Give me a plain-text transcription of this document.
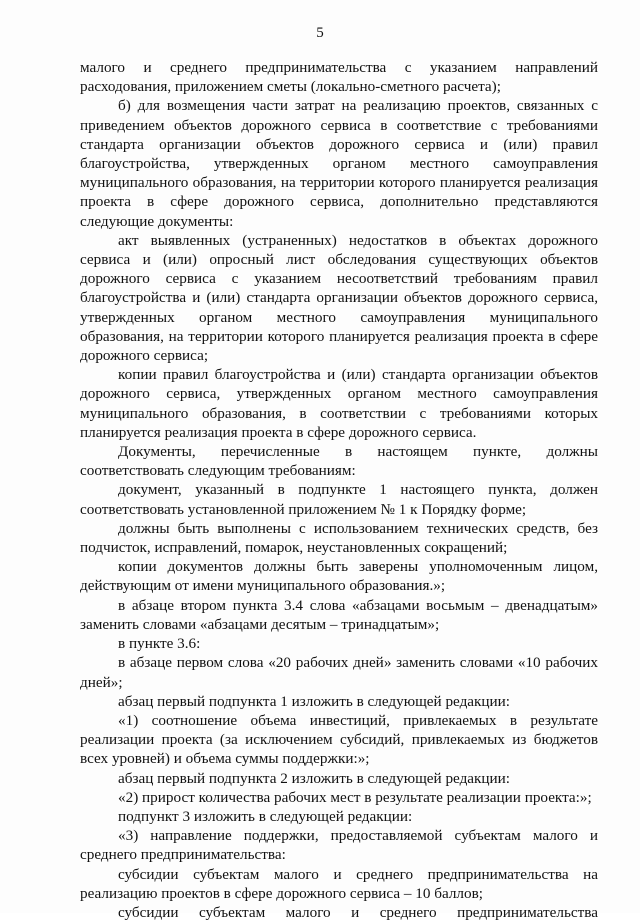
5

малого и среднего предпринимательства с указанием направлений расходования, приложением сметы (локально-сметного расчета);

б) для возмещения части затрат на реализацию проектов, связанных с приведением объектов дорожного сервиса в соответствие с требованиями стандарта организации объектов дорожного сервиса и (или) правил благоустройства, утвержденных органом местного самоуправления муниципального образования, на территории которого планируется реализация проекта в сфере дорожного сервиса, дополнительно представляются следующие документы:

акт выявленных (устраненных) недостатков в объектах дорожного сервиса и (или) опросный лист обследования существующих объектов дорожного сервиса с указанием несоответствий требованиям правил благоустройства и (или) стандарта организации объектов дорожного сервиса, утвержденных органом местного самоуправления муниципального образования, на территории которого планируется реализация проекта в сфере дорожного сервиса;

копии правил благоустройства и (или) стандарта организации объектов дорожного сервиса, утвержденных органом местного самоуправления муниципального образования, в соответствии с требованиями которых планируется реализация проекта в сфере дорожного сервиса.

Документы, перечисленные в настоящем пункте, должны соответствовать следующим требованиям:

документ, указанный в подпункте 1 настоящего пункта, должен соответствовать установленной приложением № 1 к Порядку форме;

должны быть выполнены с использованием технических средств, без подчисток, исправлений, помарок, неустановленных сокращений;

копии документов должны быть заверены уполномоченным лицом, действующим от имени муниципального образования.»;

в абзаце втором пункта 3.4 слова «абзацами восьмым – двенадцатым» заменить словами «абзацами десятым – тринадцатым»;

в пункте 3.6:

в абзаце первом слова «20 рабочих дней» заменить словами «10 рабочих дней»;

абзац первый подпункта 1 изложить в следующей редакции:

«1) соотношение объема инвестиций, привлекаемых в результате реализации проекта (за исключением субсидий, привлекаемых из бюджетов всех уровней) и объема суммы поддержки:»;

абзац первый подпункта 2 изложить в следующей редакции:

«2) прирост количества рабочих мест в результате реализации проекта:»;

подпункт 3 изложить в следующей редакции:

«3) направление поддержки, предоставляемой субъектам малого и среднего предпринимательства:

субсидии субъектам малого и среднего предпринимательства на реализацию проектов в сфере дорожного сервиса – 10 баллов;

субсидии субъектам малого и среднего предпринимательства
